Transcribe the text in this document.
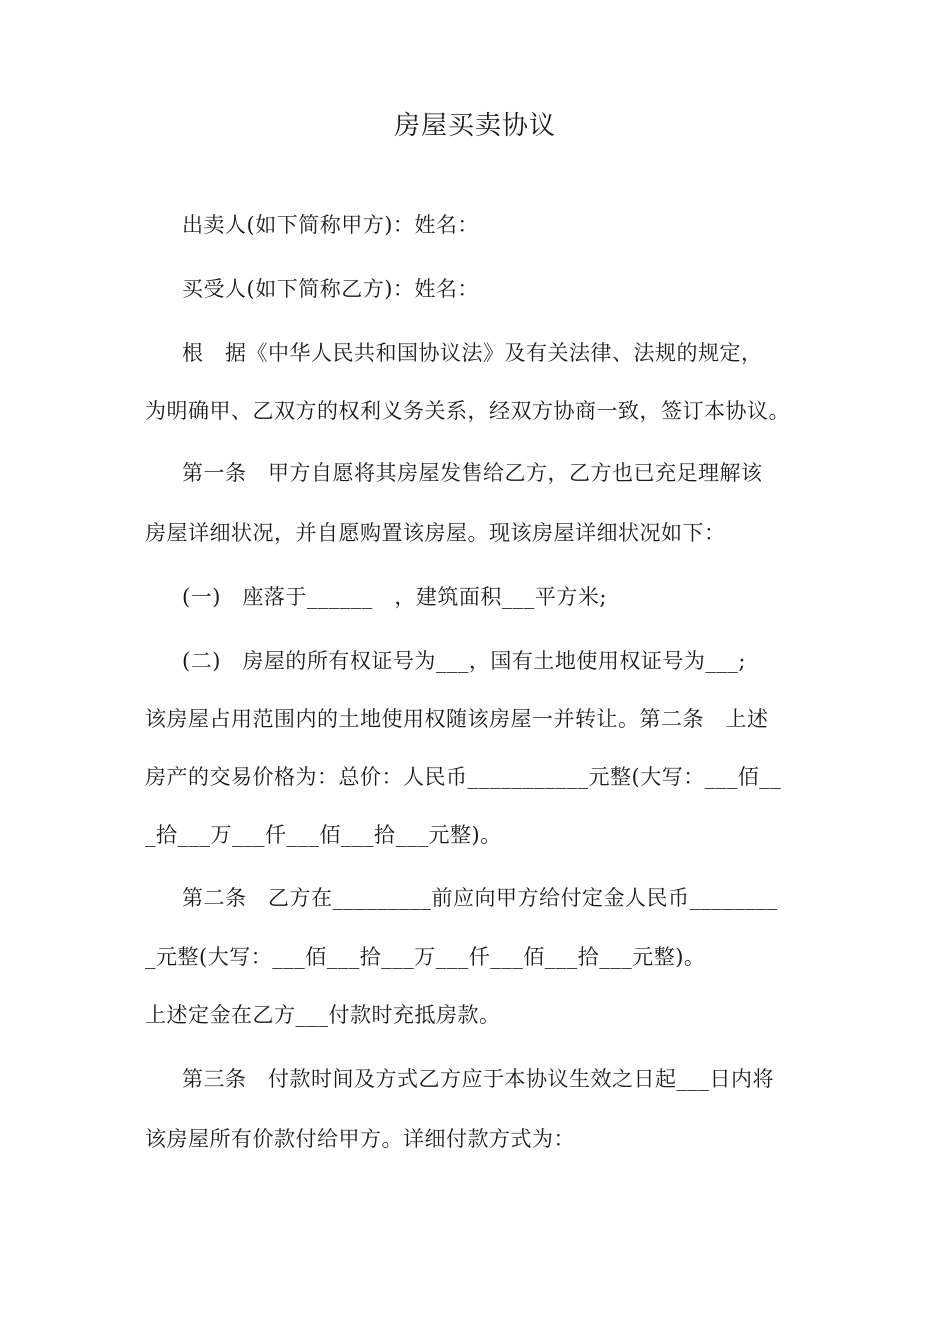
房屋买卖协议
出卖人(如下简称甲方)：姓名：
买受人(如下简称乙方)：姓名：
根　据《中华人民共和国协议法》及有关法律、法规的规定，
为明确甲、乙双方的权利义务关系，经双方协商一致，签订本协议。
第一条　甲方自愿将其房屋发售给乙方，乙方也已充足理解该
房屋详细状况，并自愿购置该房屋。现该房屋详细状况如下：
(一)　座落于______　，建筑面积___平方米;
(二)　房屋的所有权证号为___，国有土地使用权证号为___;
该房屋占用范围内的土地使用权随该房屋一并转让。第二条　上述
房产的交易价格为：总价：人民币___________元整(大写：___佰__
_拾___万___仟___佰___拾___元整)。
第二条　乙方在_________前应向甲方给付定金人民币________
_元整(大写：___佰___拾___万___仟___佰___拾___元整)。
上述定金在乙方___付款时充抵房款。
第三条　付款时间及方式乙方应于本协议生效之日起___日内将
该房屋所有价款付给甲方。详细付款方式为：
